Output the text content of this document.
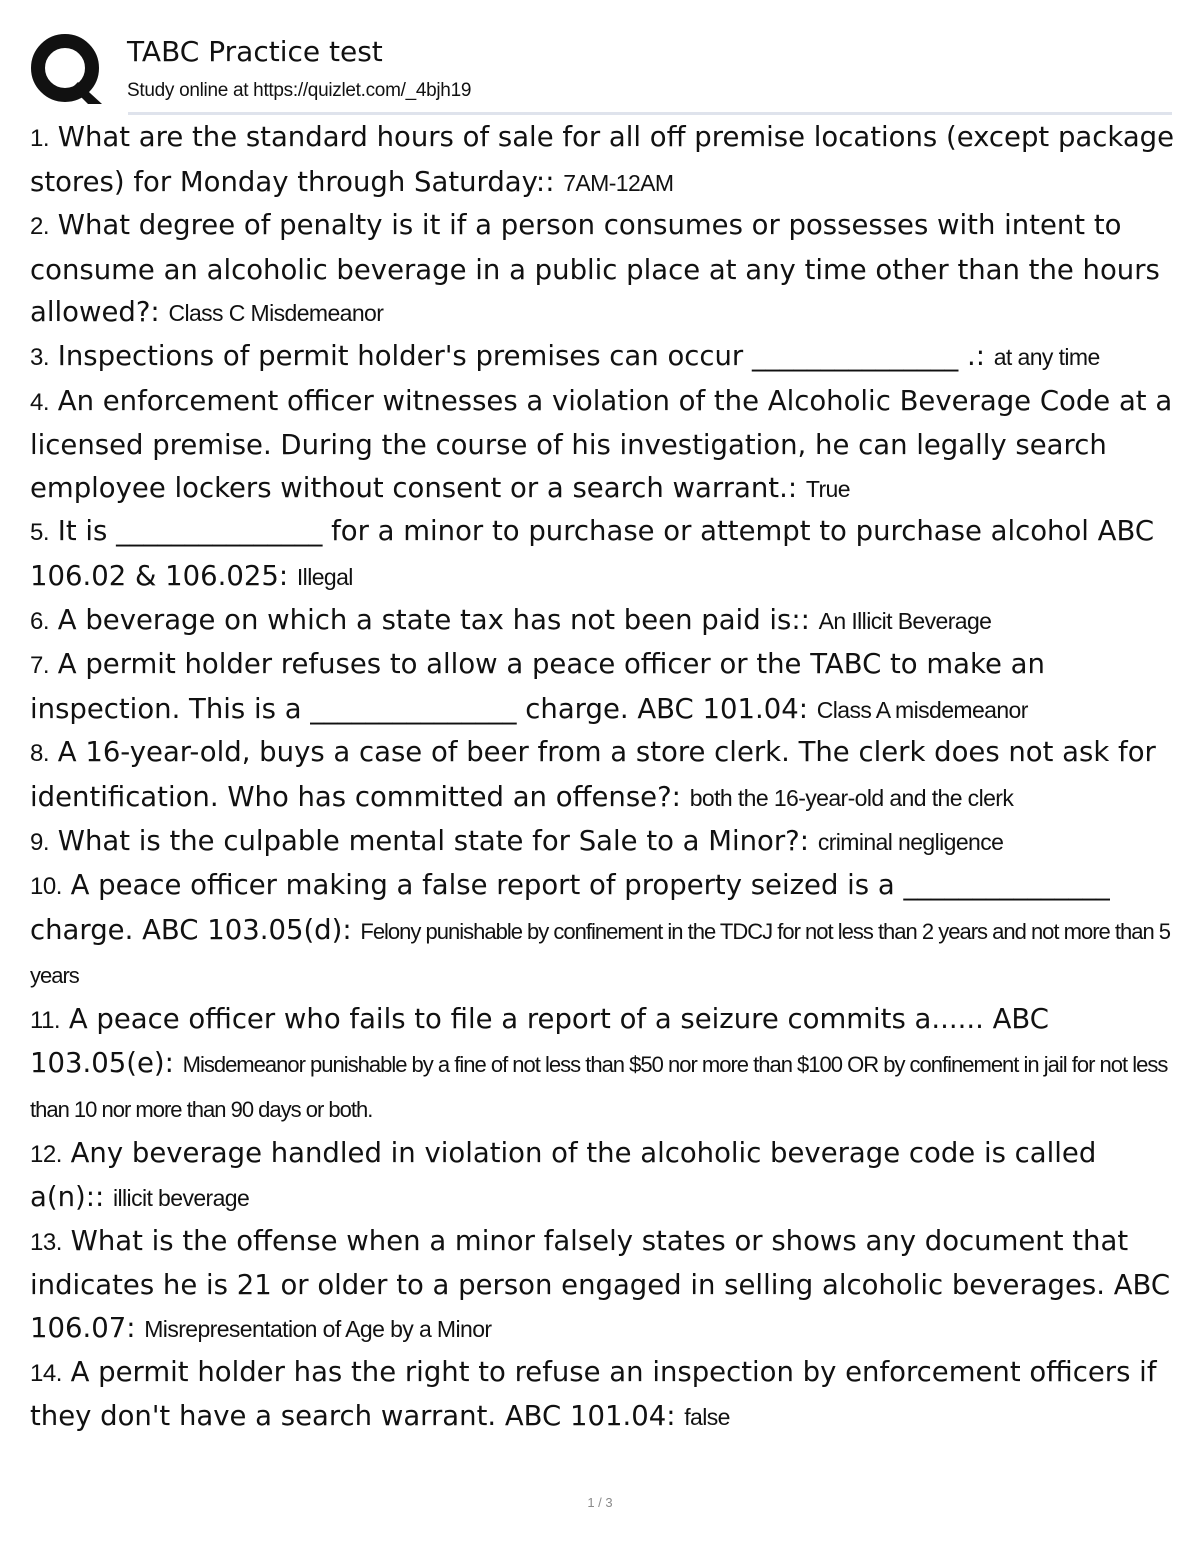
TABC Practice test
Study online at https://quizlet.com/_4bjh19

1. What are the standard hours of sale for all off premise locations (except package stores) for Monday through Saturday:: 7AM-12AM

2. What degree of penalty is it if a person consumes or possesses with intent to consume an alcoholic beverage in a public place at any time other than the hours allowed?: Class C Misdemeanor

3. Inspections of permit holder's premises can occur _______________ .: at any time

4. An enforcement officer witnesses a violation of the Alcoholic Beverage Code at a licensed premise. During the course of his investigation, he can legally search employee lockers without consent or a search warrant.: True

5. It is _______________ for a minor to purchase or attempt to purchase alcohol ABC 106.02 & 106.025: Illegal

6. A beverage on which a state tax has not been paid is:: An Illicit Beverage

7. A permit holder refuses to allow a peace officer or the TABC to make an inspection. This is a _______________ charge. ABC 101.04: Class A misdemeanor

8. A 16-year-old, buys a case of beer from a store clerk. The clerk does not ask for identification. Who has committed an offense?: both the 16-year-old and the clerk

9. What is the culpable mental state for Sale to a Minor?: criminal negligence

10. A peace officer making a false report of property seized is a _______________ charge. ABC 103.05(d): Felony punishable by confinement in the TDCJ for not less than 2 years and not more than 5 years

11. A peace officer who fails to file a report of a seizure commits a...... ABC 103.05(e): Misdemeanor punishable by a fine of not less than $50 nor more than $100 OR by confinement in jail for not less than 10 nor more than 90 days or both.

12. Any beverage handled in violation of the alcoholic beverage code is called a(n):: illicit beverage

13. What is the offense when a minor falsely states or shows any document that indicates he is 21 or older to a person engaged in selling alcoholic beverages. ABC 106.07: Misrepresentation of Age by a Minor

14. A permit holder has the right to refuse an inspection by enforcement officers if they don't have a search warrant. ABC 101.04: false

1 / 3
